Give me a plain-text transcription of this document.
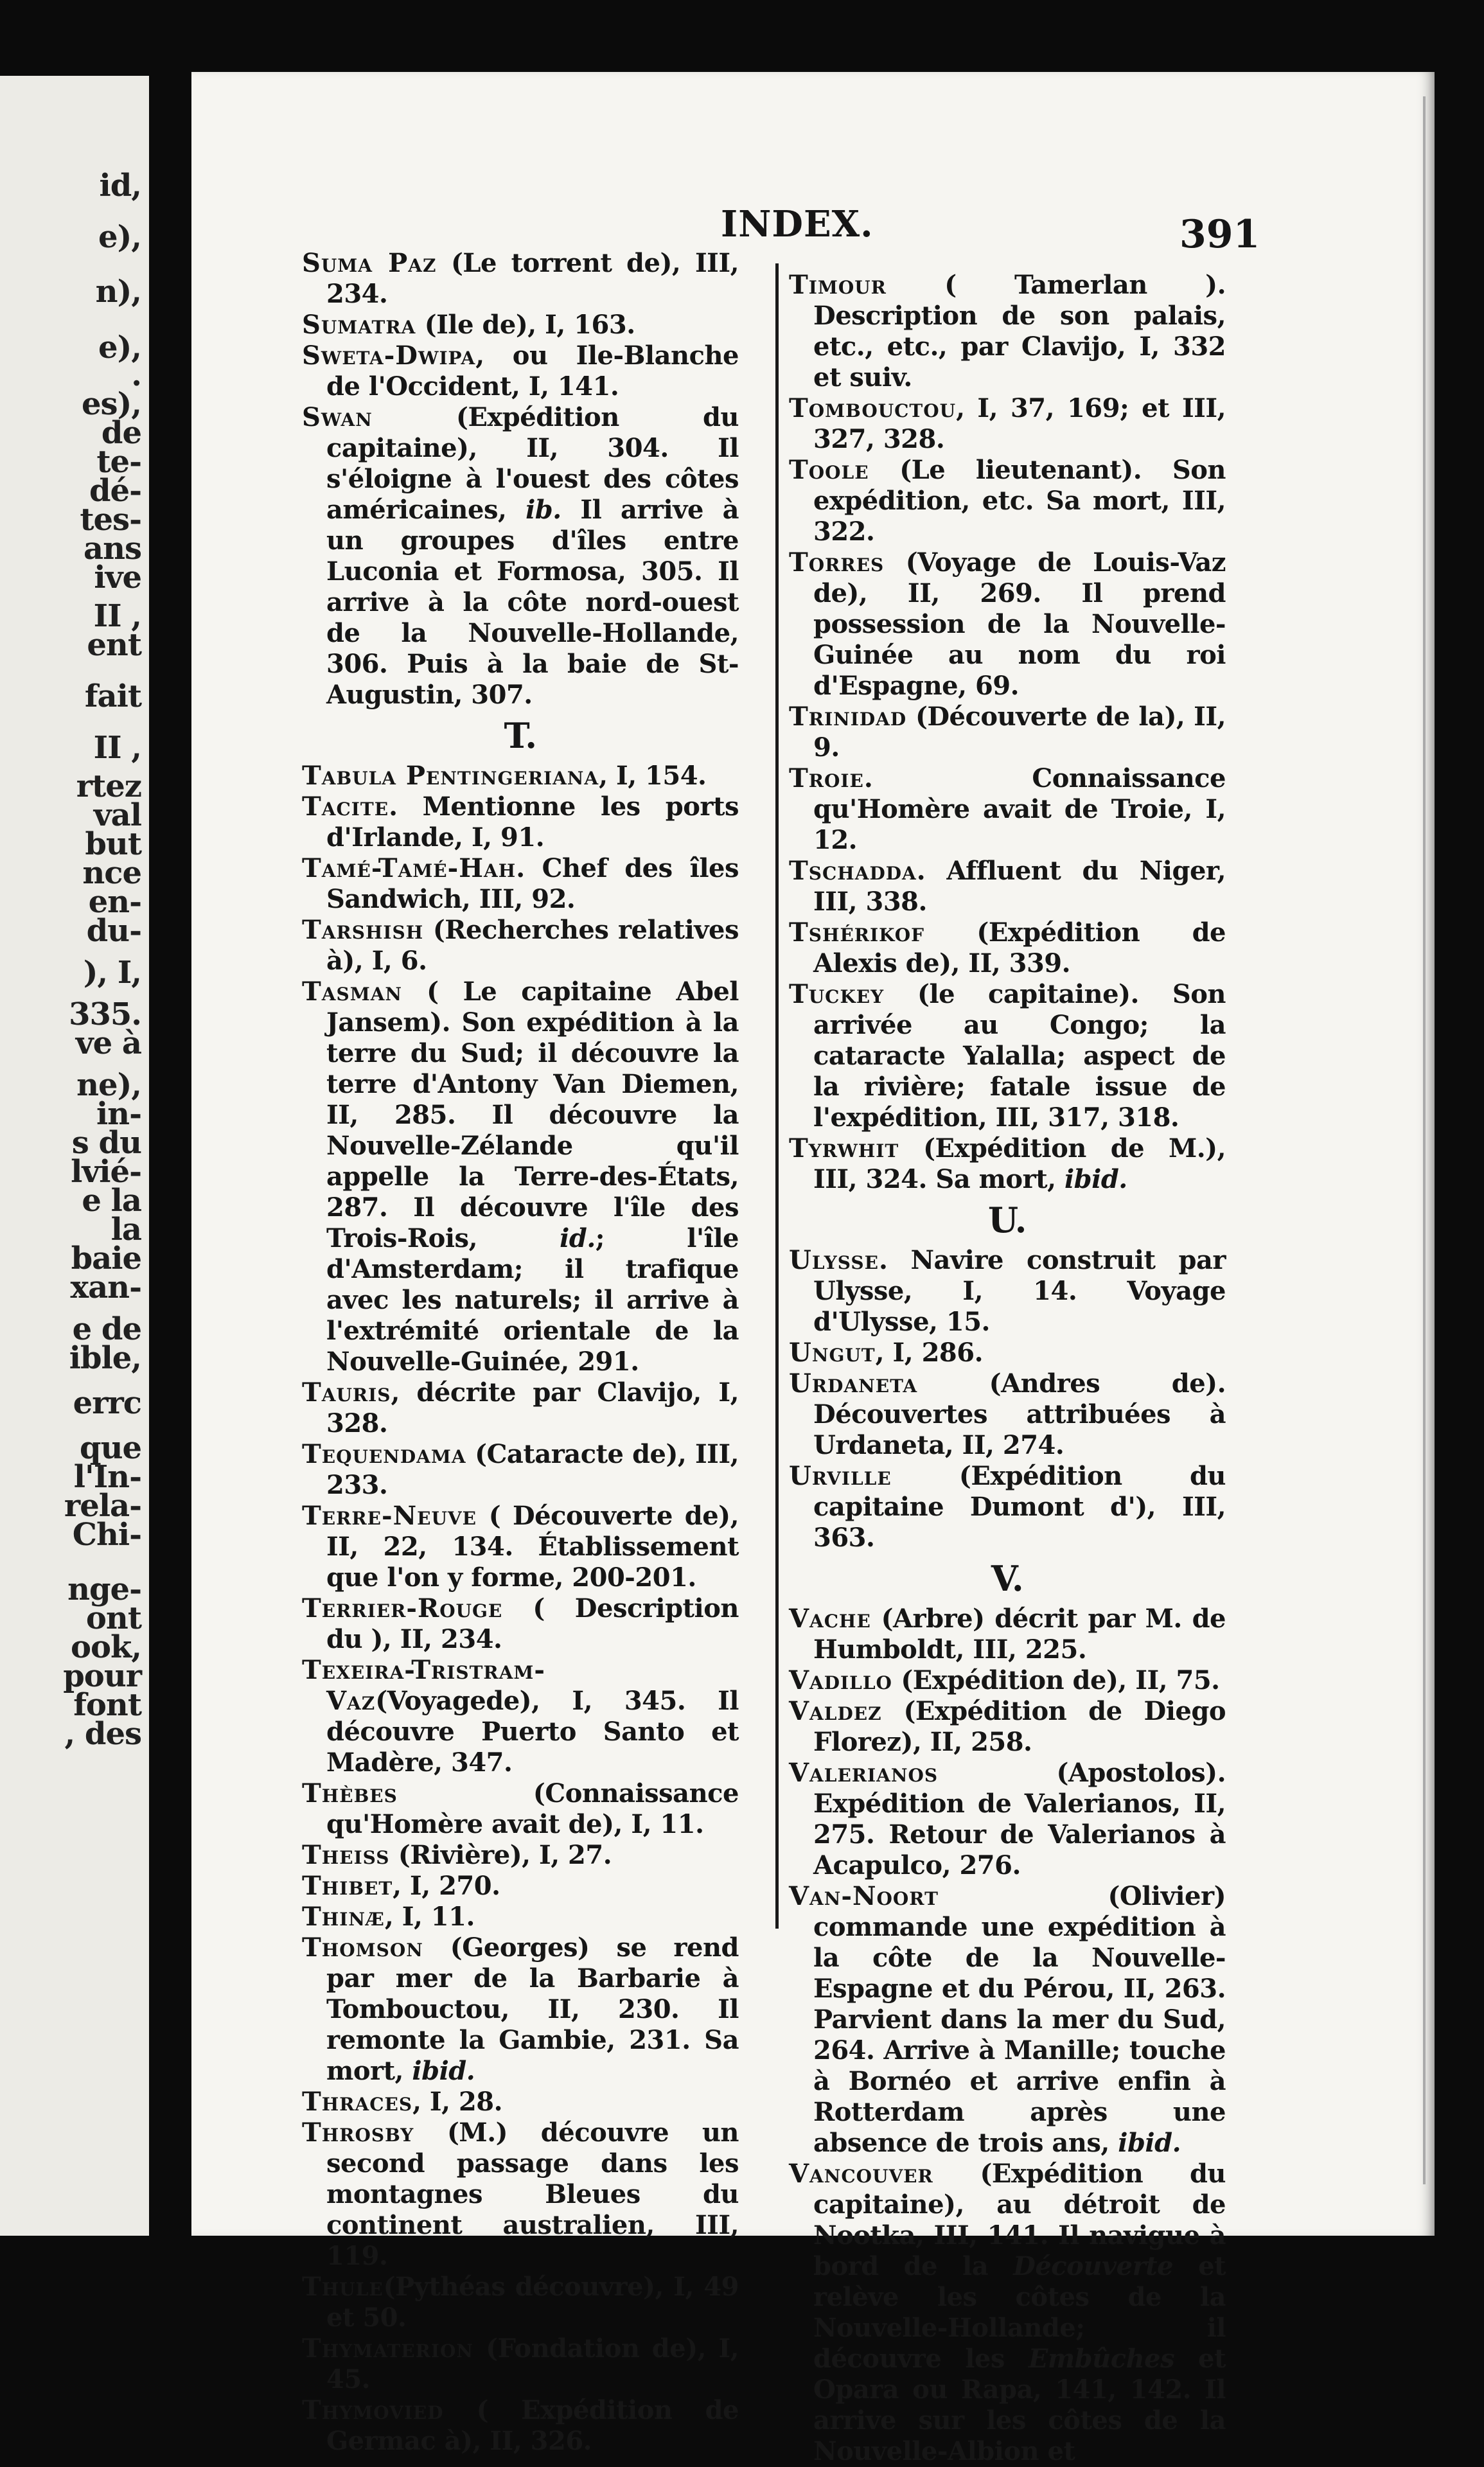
id,
e),
n),
e),
.
es),
de
te-
dé-
tes-
ans
ive
II ,
ent
fait
II ,
rtez
val
but
nce
en-
du-
), I,
335.
ve à
ne),
in-
s du
lvié-
e la
la
baie
xan-
e de
ible,
errc
que
l'In-
rela-
Chi-
nge-
ont
ook,
pour
font
, des
INDEX.	391

Suma Paz (Le torrent de), III, 234.

Sumatra (Ile de), I, 163.

Sweta-Dwipa, ou Ile-Blanche de l'Occident, I, 141.

Swan (Expédition du capitaine), II, 304. Il s'éloigne à l'ouest des côtes américaines, ib. Il arrive à un groupes d'îles entre Luconia et Formosa, 305. Il arrive à la côte nord-ouest de la Nouvelle-Hollande, 306. Puis à la baie de St-Augustin, 307.

T.

Tabula Pentingeriana, I, 154.

Tacite. Mentionne les ports d'Irlande, I, 91.

Tamé-Tamé-Hah. Chef des îles Sandwich, III, 92.

Tarshish (Recherches relatives à), I, 6.

Tasman ( Le capitaine Abel Jansem). Son expédition à la terre du Sud; il découvre la terre d'Antony Van Diemen, II, 285. Il découvre la Nouvelle-Zélande qu'il appelle la Terre-des-États, 287. Il découvre l'île des Trois-Rois, id.; l'île d'Amsterdam; il trafique avec les naturels; il arrive à l'extrémité orientale de la Nouvelle-Guinée, 291.

Tauris, décrite par Clavijo, I, 328.

Tequendama (Cataracte de), III, 233.

Terre-Neuve ( Découverte de), II, 22, 134. Établissement que l'on y forme, 200-201.

Terrier-Rouge ( Description du ), II, 234.

Texeira-Tristram-Vaz(Voyagede), I, 345. Il découvre Puerto Santo et Madère, 347.

Thèbes (Connaissance qu'Homère avait de), I, 11.

Theiss (Rivière), I, 27.

Thibet, I, 270.

Thinæ, I, 11.

Thomson (Georges) se rend par mer de la Barbarie à Tombouctou, II, 230. Il remonte la Gambie, 231. Sa mort, ibid.

Thraces, I, 28.

Throsby (M.) découvre un second passage dans les montagnes Bleues du continent australien, III, 119.

Thule(Pythéas découvre), I, 49 et 50.

Thymaterion (Fondation de), I, 45.

Thymovied ( Expédition de Germac à), II, 326.

Timour ( Tamerlan ). Description de son palais, etc., etc., par Clavijo, I, 332 et suiv.

Tombouctou, I, 37, 169; et III, 327, 328.

Toole (Le lieutenant). Son expédition, etc. Sa mort, III, 322.

Torres (Voyage de Louis-Vaz de), II, 269. Il prend possession de la Nouvelle-Guinée au nom du roi d'Espagne, 69.

Trinidad (Découverte de la), II, 9.

Troie. Connaissance qu'Homère avait de Troie, I, 12.

Tschadda. Affluent du Niger, III, 338.

Tshérikof (Expédition de Alexis de), II, 339.

Tuckey (le capitaine). Son arrivée au Congo; la cataracte Yalalla; aspect de la rivière; fatale issue de l'expédition, III, 317, 318.

Tyrwhit (Expédition de M.), III, 324. Sa mort, ibid.

U.

Ulysse. Navire construit par Ulysse, I, 14. Voyage d'Ulysse, 15.

Ungut, I, 286.

Urdaneta (Andres de). Découvertes attribuées à Urdaneta, II, 274.

Urville (Expédition du capitaine Dumont d'), III, 363.

V.

Vache (Arbre) décrit par M. de Humboldt, III, 225.

Vadillo (Expédition de), II, 75.

Valdez (Expédition de Diego Florez), II, 258.

Valerianos (Apostolos). Expédition de Valerianos, II, 275. Retour de Valerianos à Acapulco, 276.

Van-Noort (Olivier) commande une expédition à la côte de la Nouvelle-Espagne et du Pérou, II, 263. Parvient dans la mer du Sud, 264. Arrive à Manille; touche à Bornéo et arrive enfin à Rotterdam après une absence de trois ans, ibid.

Vancouver (Expédition du capitaine), au détroit de Nootka, III, 141. Il navigue à bord de la Découverte et relève les côtes de la Nouvelle-Hollande; il découvre les Embûches et Opara ou Rapa, 141, 142. Il arrive sur les côtes de la Nouvelle-Albion et
